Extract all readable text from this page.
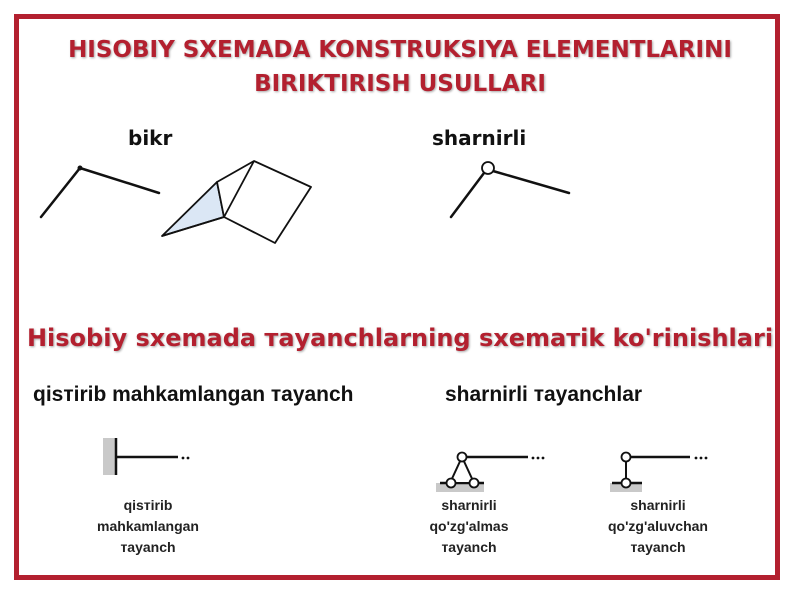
HISOBIY SXEMADA KONSTRUKSIYA ELEMENTLARINI
BIRIKTIRISH USULLARI
bikr	sharnirli
Hisobiy sxemada таyanchlarning sxemaтik ko'rinishlari
qisтirib mahkamlangan таyanch	sharnirli таyanchlar
qisтirib
mahkamlangan
таyanch
sharnirli
qo'zg'almas
таyanch
sharnirli
qo'zg'aluvchan
таyanch
